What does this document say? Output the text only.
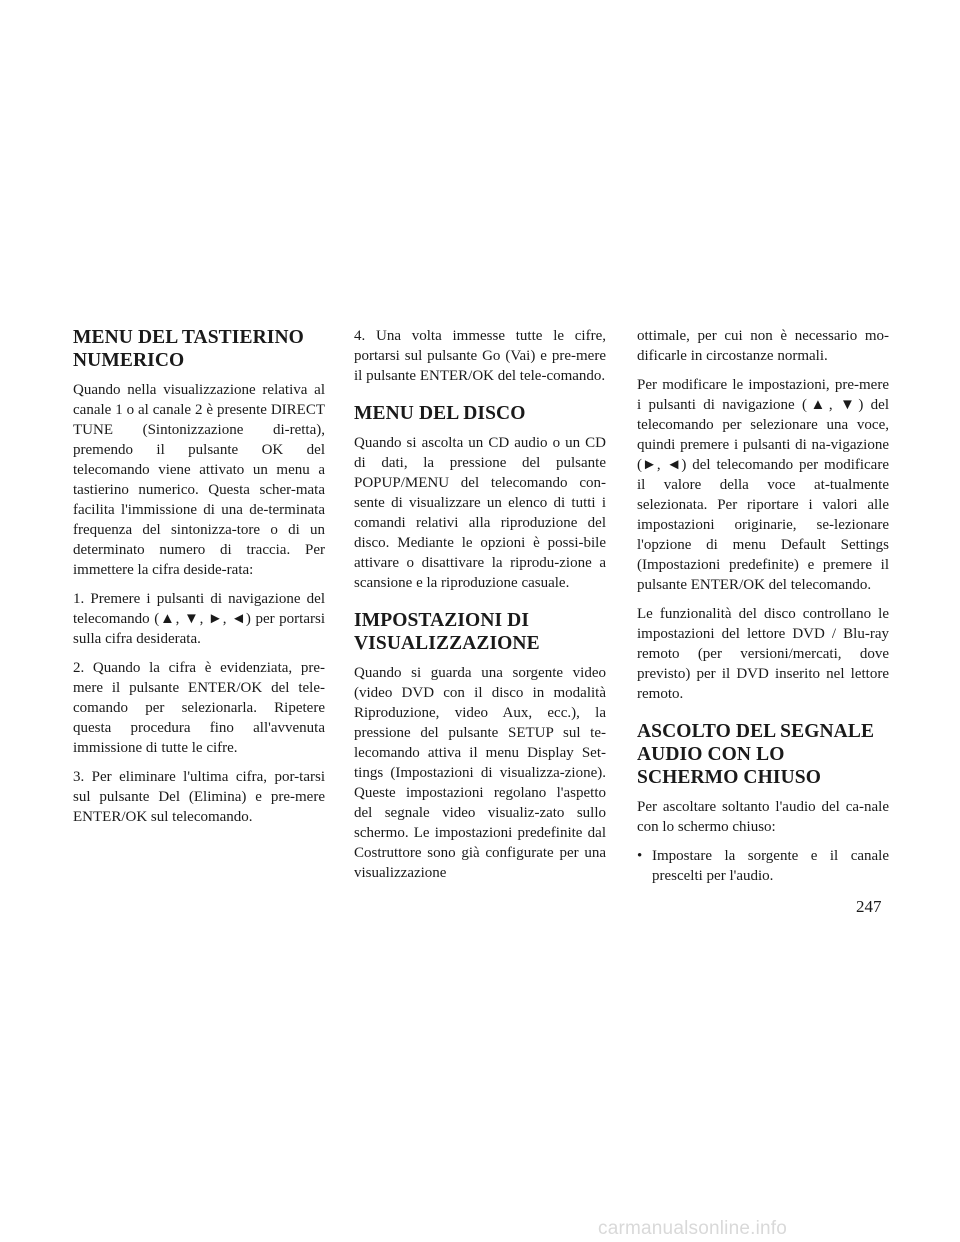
MENU DEL TASTIERINO NUMERICO

Quando nella visualizzazione relativa al canale 1 o al canale 2 è presente DIRECT TUNE (Sintonizzazione di-retta), premendo il pulsante OK del telecomando viene attivato un menu a tastierino numerico. Questa scher-mata facilita l'immissione di una de-terminata frequenza del sintonizza-tore o di un determinato numero di traccia. Per immettere la cifra deside-rata:

1. Premere i pulsanti di navigazione del telecomando (▲, ▼, ►, ◄) per portarsi sulla cifra desiderata.

2. Quando la cifra è evidenziata, pre-mere il pulsante ENTER/OK del tele-comando per selezionarla. Ripetere questa procedura fino all'avvenuta immissione di tutte le cifre.

3. Per eliminare l'ultima cifra, por-tarsi sul pulsante Del (Elimina) e pre-mere ENTER/OK sul telecomando.

4. Una volta immesse tutte le cifre, portarsi sul pulsante Go (Vai) e pre-mere il pulsante ENTER/OK del tele-comando.

MENU DEL DISCO

Quando si ascolta un CD audio o un CD di dati, la pressione del pulsante POPUP/MENU del telecomando con-sente di visualizzare un elenco di tutti i comandi relativi alla riproduzione del disco. Mediante le opzioni è possi-bile attivare o disattivare la riprodu-zione a scansione e la riproduzione casuale.

IMPOSTAZIONI DI VISUALIZZAZIONE

Quando si guarda una sorgente video (video DVD con il disco in modalità Riproduzione, video Aux, ecc.), la pressione del pulsante SETUP sul te-lecomando attiva il menu Display Set-tings (Impostazioni di visualizza-zione). Queste impostazioni regolano l'aspetto del segnale video visualiz-zato sullo schermo. Le impostazioni predefinite dal Costruttore sono già configurate per una visualizzazione

ottimale, per cui non è necessario mo-dificarle in circostanze normali.

Per modificare le impostazioni, pre-mere i pulsanti di navigazione (▲, ▼) del telecomando per selezionare una voce, quindi premere i pulsanti di na-vigazione (►, ◄) del telecomando per modificare il valore della voce at-tualmente selezionata. Per riportare i valori alle impostazioni originarie, se-lezionare l'opzione di menu Default Settings (Impostazioni predefinite) e premere il pulsante ENTER/OK del telecomando.

Le funzionalità del disco controllano le impostazioni del lettore DVD / Blu-ray remoto (per versioni/mercati, dove previsto) per il DVD inserito nel lettore remoto.

ASCOLTO DEL SEGNALE AUDIO CON LO SCHERMO CHIUSO

Per ascoltare soltanto l'audio del ca-nale con lo schermo chiuso:

• Impostare la sorgente e il canale prescelti per l'audio.
247
carmanualsonline.info
